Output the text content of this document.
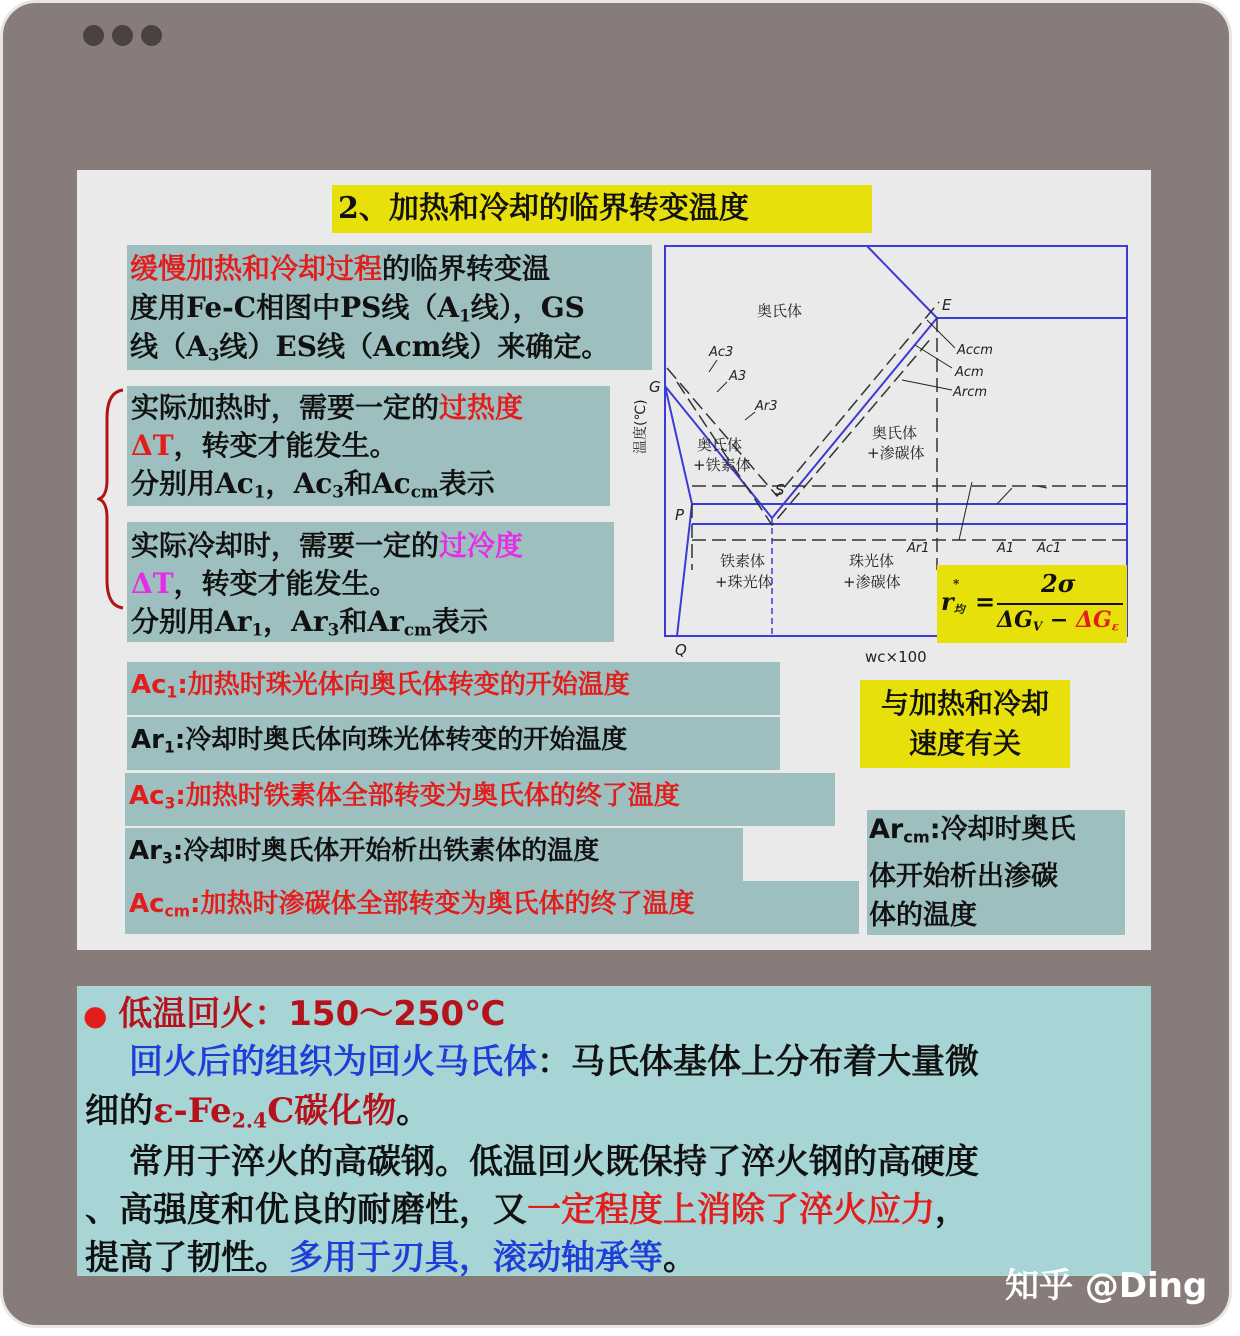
2、加热和冷却的临界转变温度
缓慢加热和冷却过程的临界转变温
度用Fe-C相图中PS线（$A_1$线），GS
线（$A_3$线）ES线（Acm线）来确定。
实际加热时，需要一定的过热度
ΔT，转变才能发生。
分别用$Ac_1$，$Ac_3$和$Ac_{cm}$表示
实际冷却时，需要一定的过冷度
ΔT，转变才能发生。
分别用$Ar_1$，$Ar_3$和$Ar_{cm}$表示
$Ac_1$:加热时珠光体向奥氏体转变的开始温度
$Ar_1$:冷却时奥氏体向珠光体转变的开始温度
$Ac_3$:加热时铁素体全部转变为奥氏体的终了温度
$Ar_3$:冷却时奥氏体开始析出铁素体的温度
$Ac_{cm}$:加热时渗碳体全部转变为奥氏体的终了温度
$Ar_{cm}$:冷却时奥氏
体开始析出渗碳
体的温度
与加热和冷却
速度有关
奥氏体
奥氏体
+铁素体
奥氏体
+渗碳体
铁素体
+珠光体
珠光体
+渗碳体
G
E
S
P
Q
Ac3
A3
Ar3
Accm
Acm
Arcm
Ar1	A1 Ac1
温度(℃)
wc×100
r
*
$_均$ =
2σ
$\Delta G_V - \Delta G_\varepsilon$
● 低温回火：150～250℃
回火后的组织为回火马氏体：马氏体基体上分布着大量微
细的$\varepsilon-Fe_{2.4}C$碳化物。
常用于淬火的高碳钢。低温回火既保持了淬火钢的高硬度
、高强度和优良的耐磨性，又一定程度上消除了淬火应力，
提高了韧性。多用于刃具，滚动轴承等。
知乎 @Ding
